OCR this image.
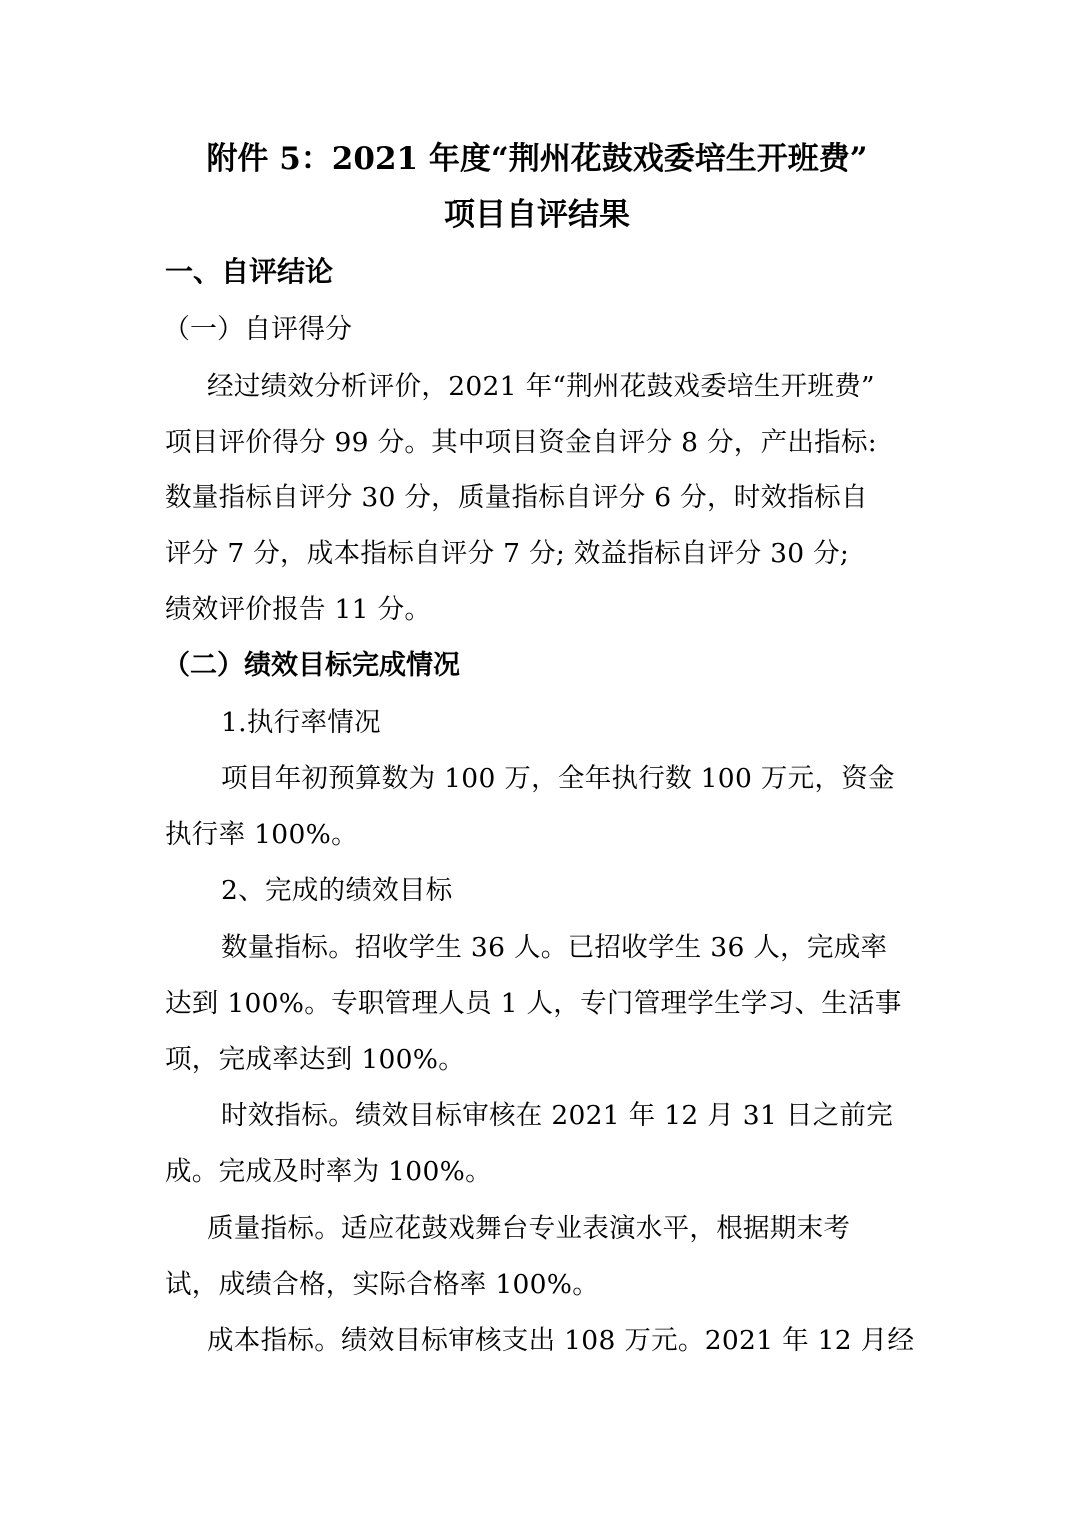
附件 5：2021 年度“荆州花鼓戏委培生开班费”
项目自评结果
一、自评结论
（一）自评得分
经过绩效分析评价，2021 年“荆州花鼓戏委培生开班费”
项目评价得分 99 分。其中项目资金自评分 8 分，产出指标:
数量指标自评分 30 分，质量指标自评分 6 分，时效指标自
评分 7 分，成本指标自评分 7 分; 效益指标自评分 30 分;
绩效评价报告 11 分。
（二）绩效目标完成情况
1.执行率情况
项目年初预算数为 100 万，全年执行数 100 万元，资金
执行率 100%。
2、完成的绩效目标
数量指标。招收学生 36 人。已招收学生 36 人，完成率
达到 100%。专职管理人员 1 人，专门管理学生学习、生活事
项，完成率达到 100%。
时效指标。绩效目标审核在 2021 年 12 月 31 日之前完
成。完成及时率为 100%。
质量指标。适应花鼓戏舞台专业表演水平，根据期末考
试，成绩合格，实际合格率 100%。
成本指标。绩效目标审核支出 108 万元。2021 年 12 月经
